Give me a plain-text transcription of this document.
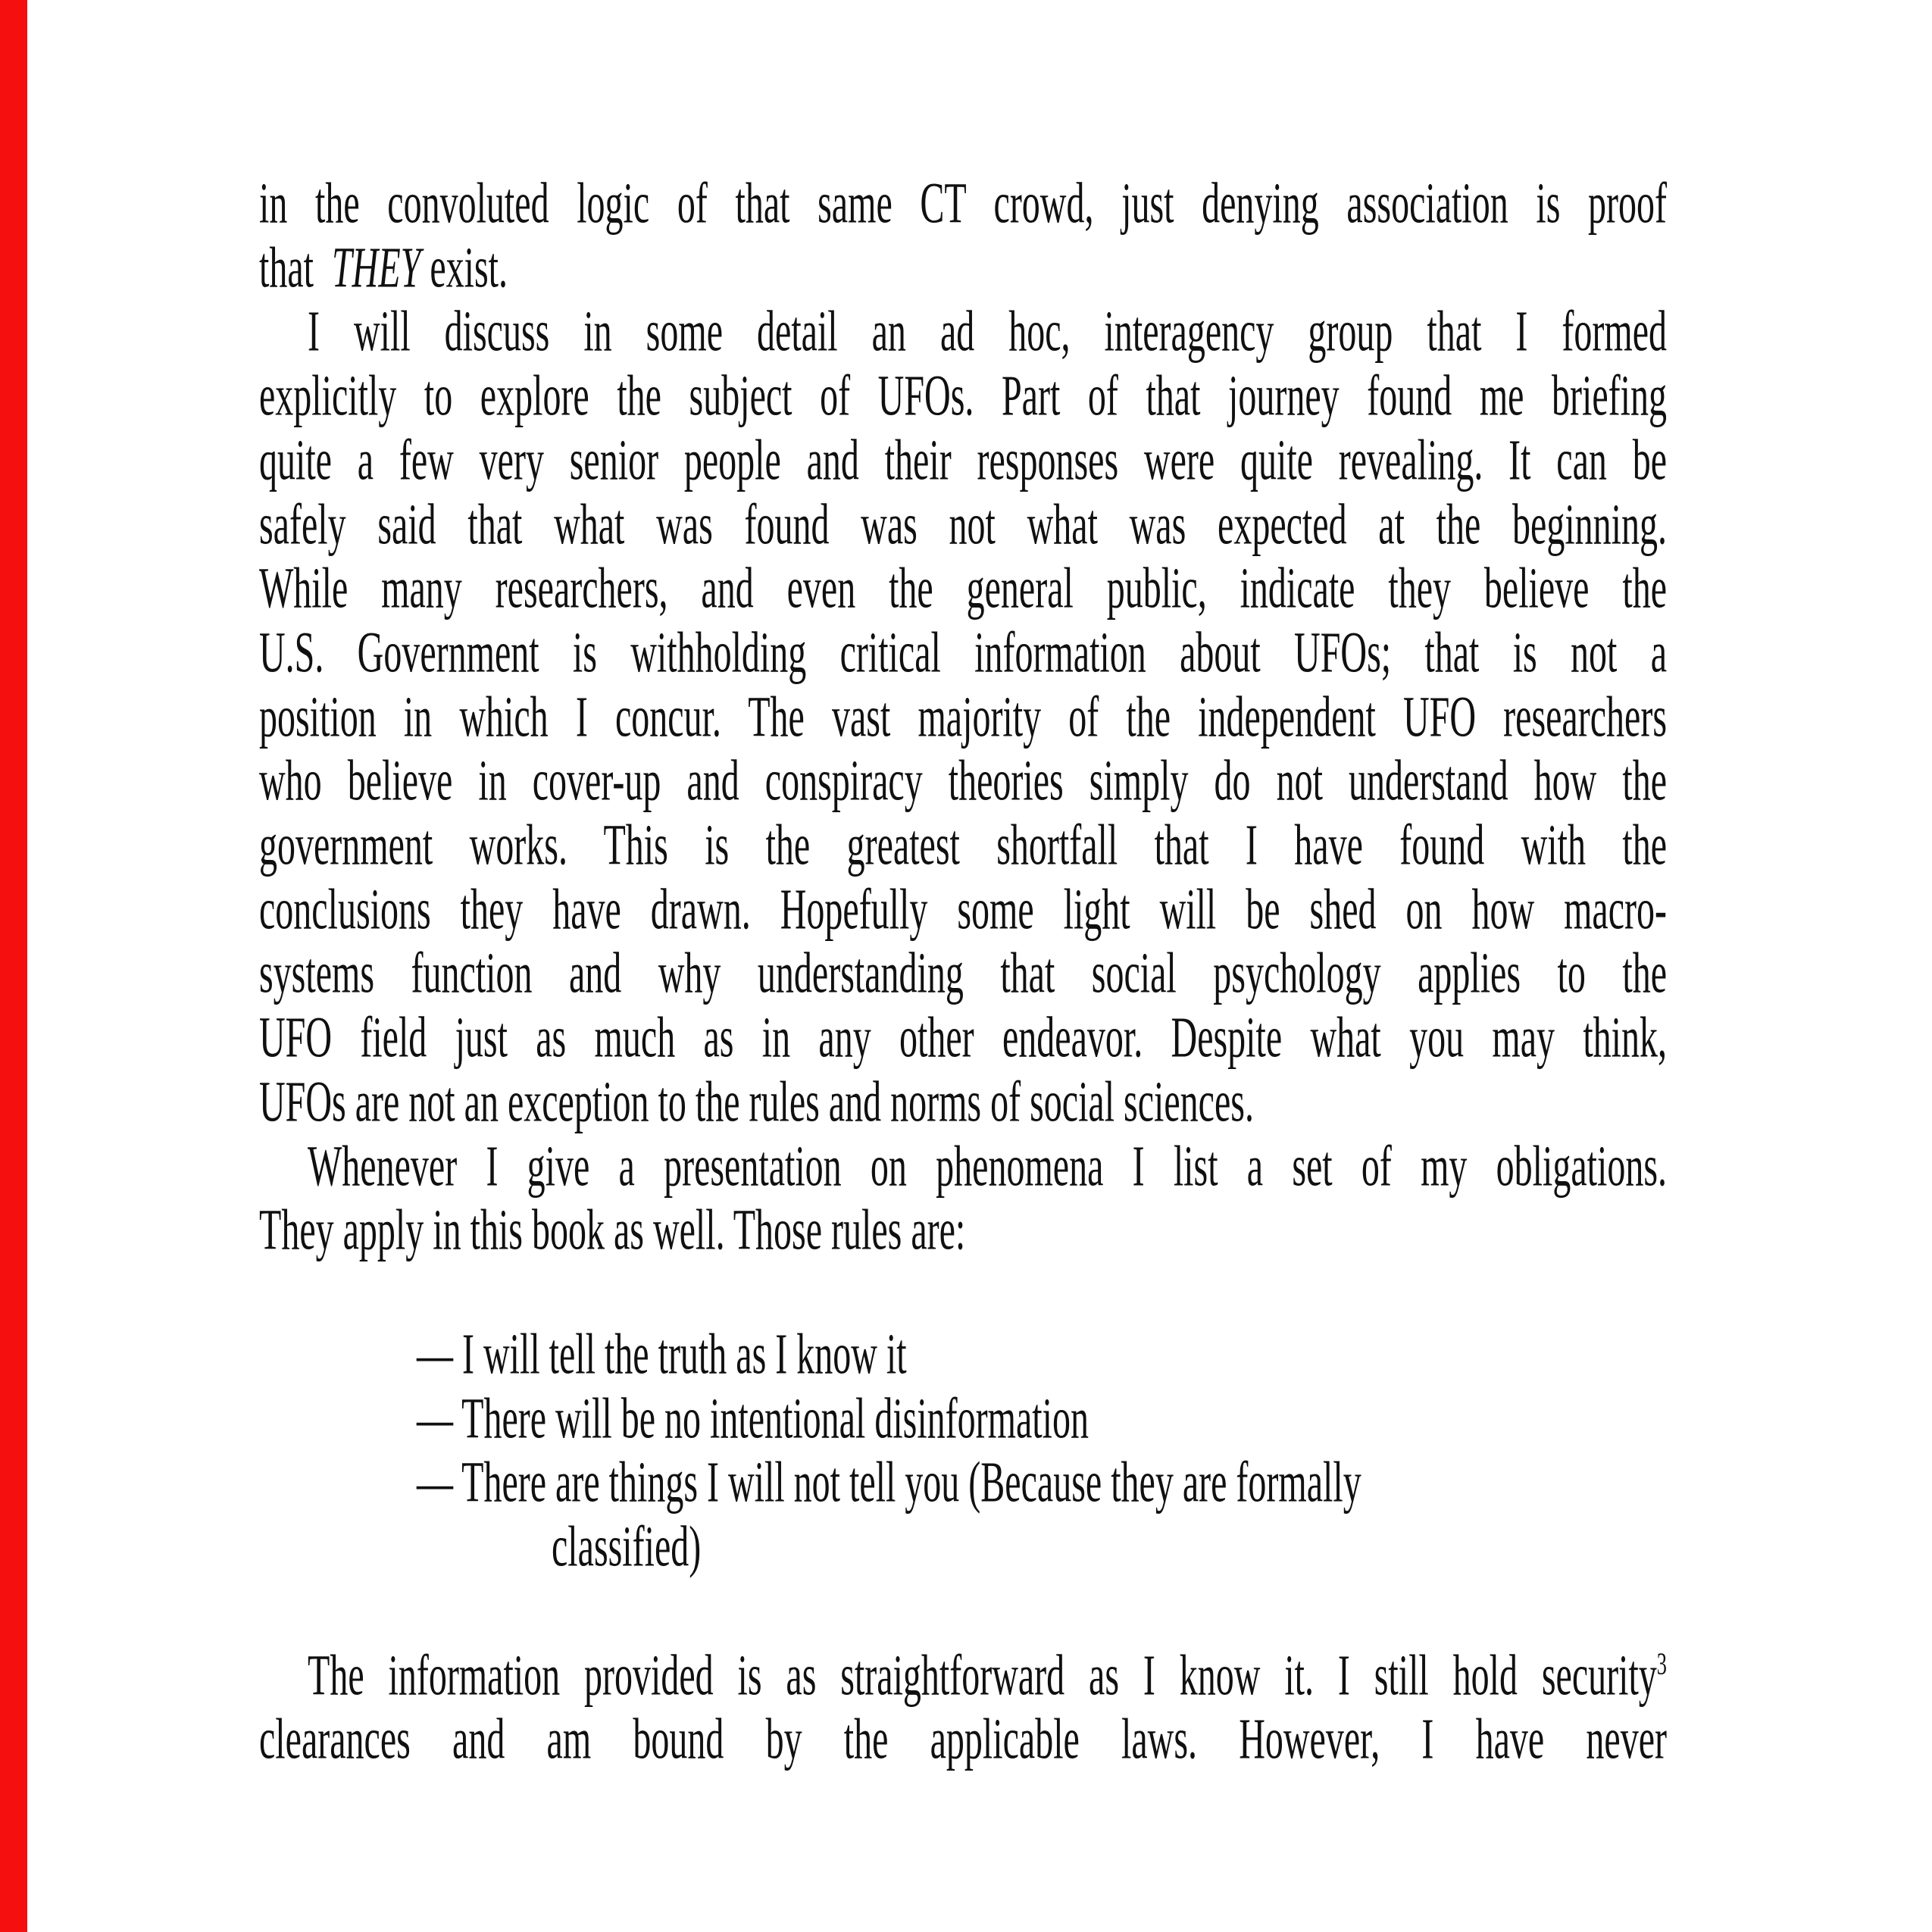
in the convoluted logic of that same CT crowd, just denying association is proof
that  THEY exist.
I will discuss in some detail an ad hoc, interagency group that I formed
explicitly to explore the subject of UFOs. Part of that journey found me briefing
quite a few very senior people and their responses were quite revealing. It can be
safely said that what was found was not what was expected at the beginning.
While many researchers, and even the general public, indicate they believe the
U.S. Government is withholding critical information about UFOs; that is not a
position in which I concur. The vast majority of the independent UFO researchers
who believe in cover-up and conspiracy theories simply do not understand how the
government works. This is the greatest shortfall that I have found with the
conclusions they have drawn. Hopefully some light will be shed on how macro-
systems function and why understanding that social psychology applies to the
UFO field just as much as in any other endeavor. Despite what you may think,
UFOs are not an exception to the rules and norms of social sciences.
Whenever I give a presentation on phenomena I list a set of my obligations.
They apply in this book as well. Those rules are:
— I will tell the truth as I know it
— There will be no intentional disinformation
— There are things I will not tell you (Because they are formally
classified)
The information provided is as straightforward as I know it. I still hold security$^3$
clearances and am bound by the applicable laws. However, I have never
